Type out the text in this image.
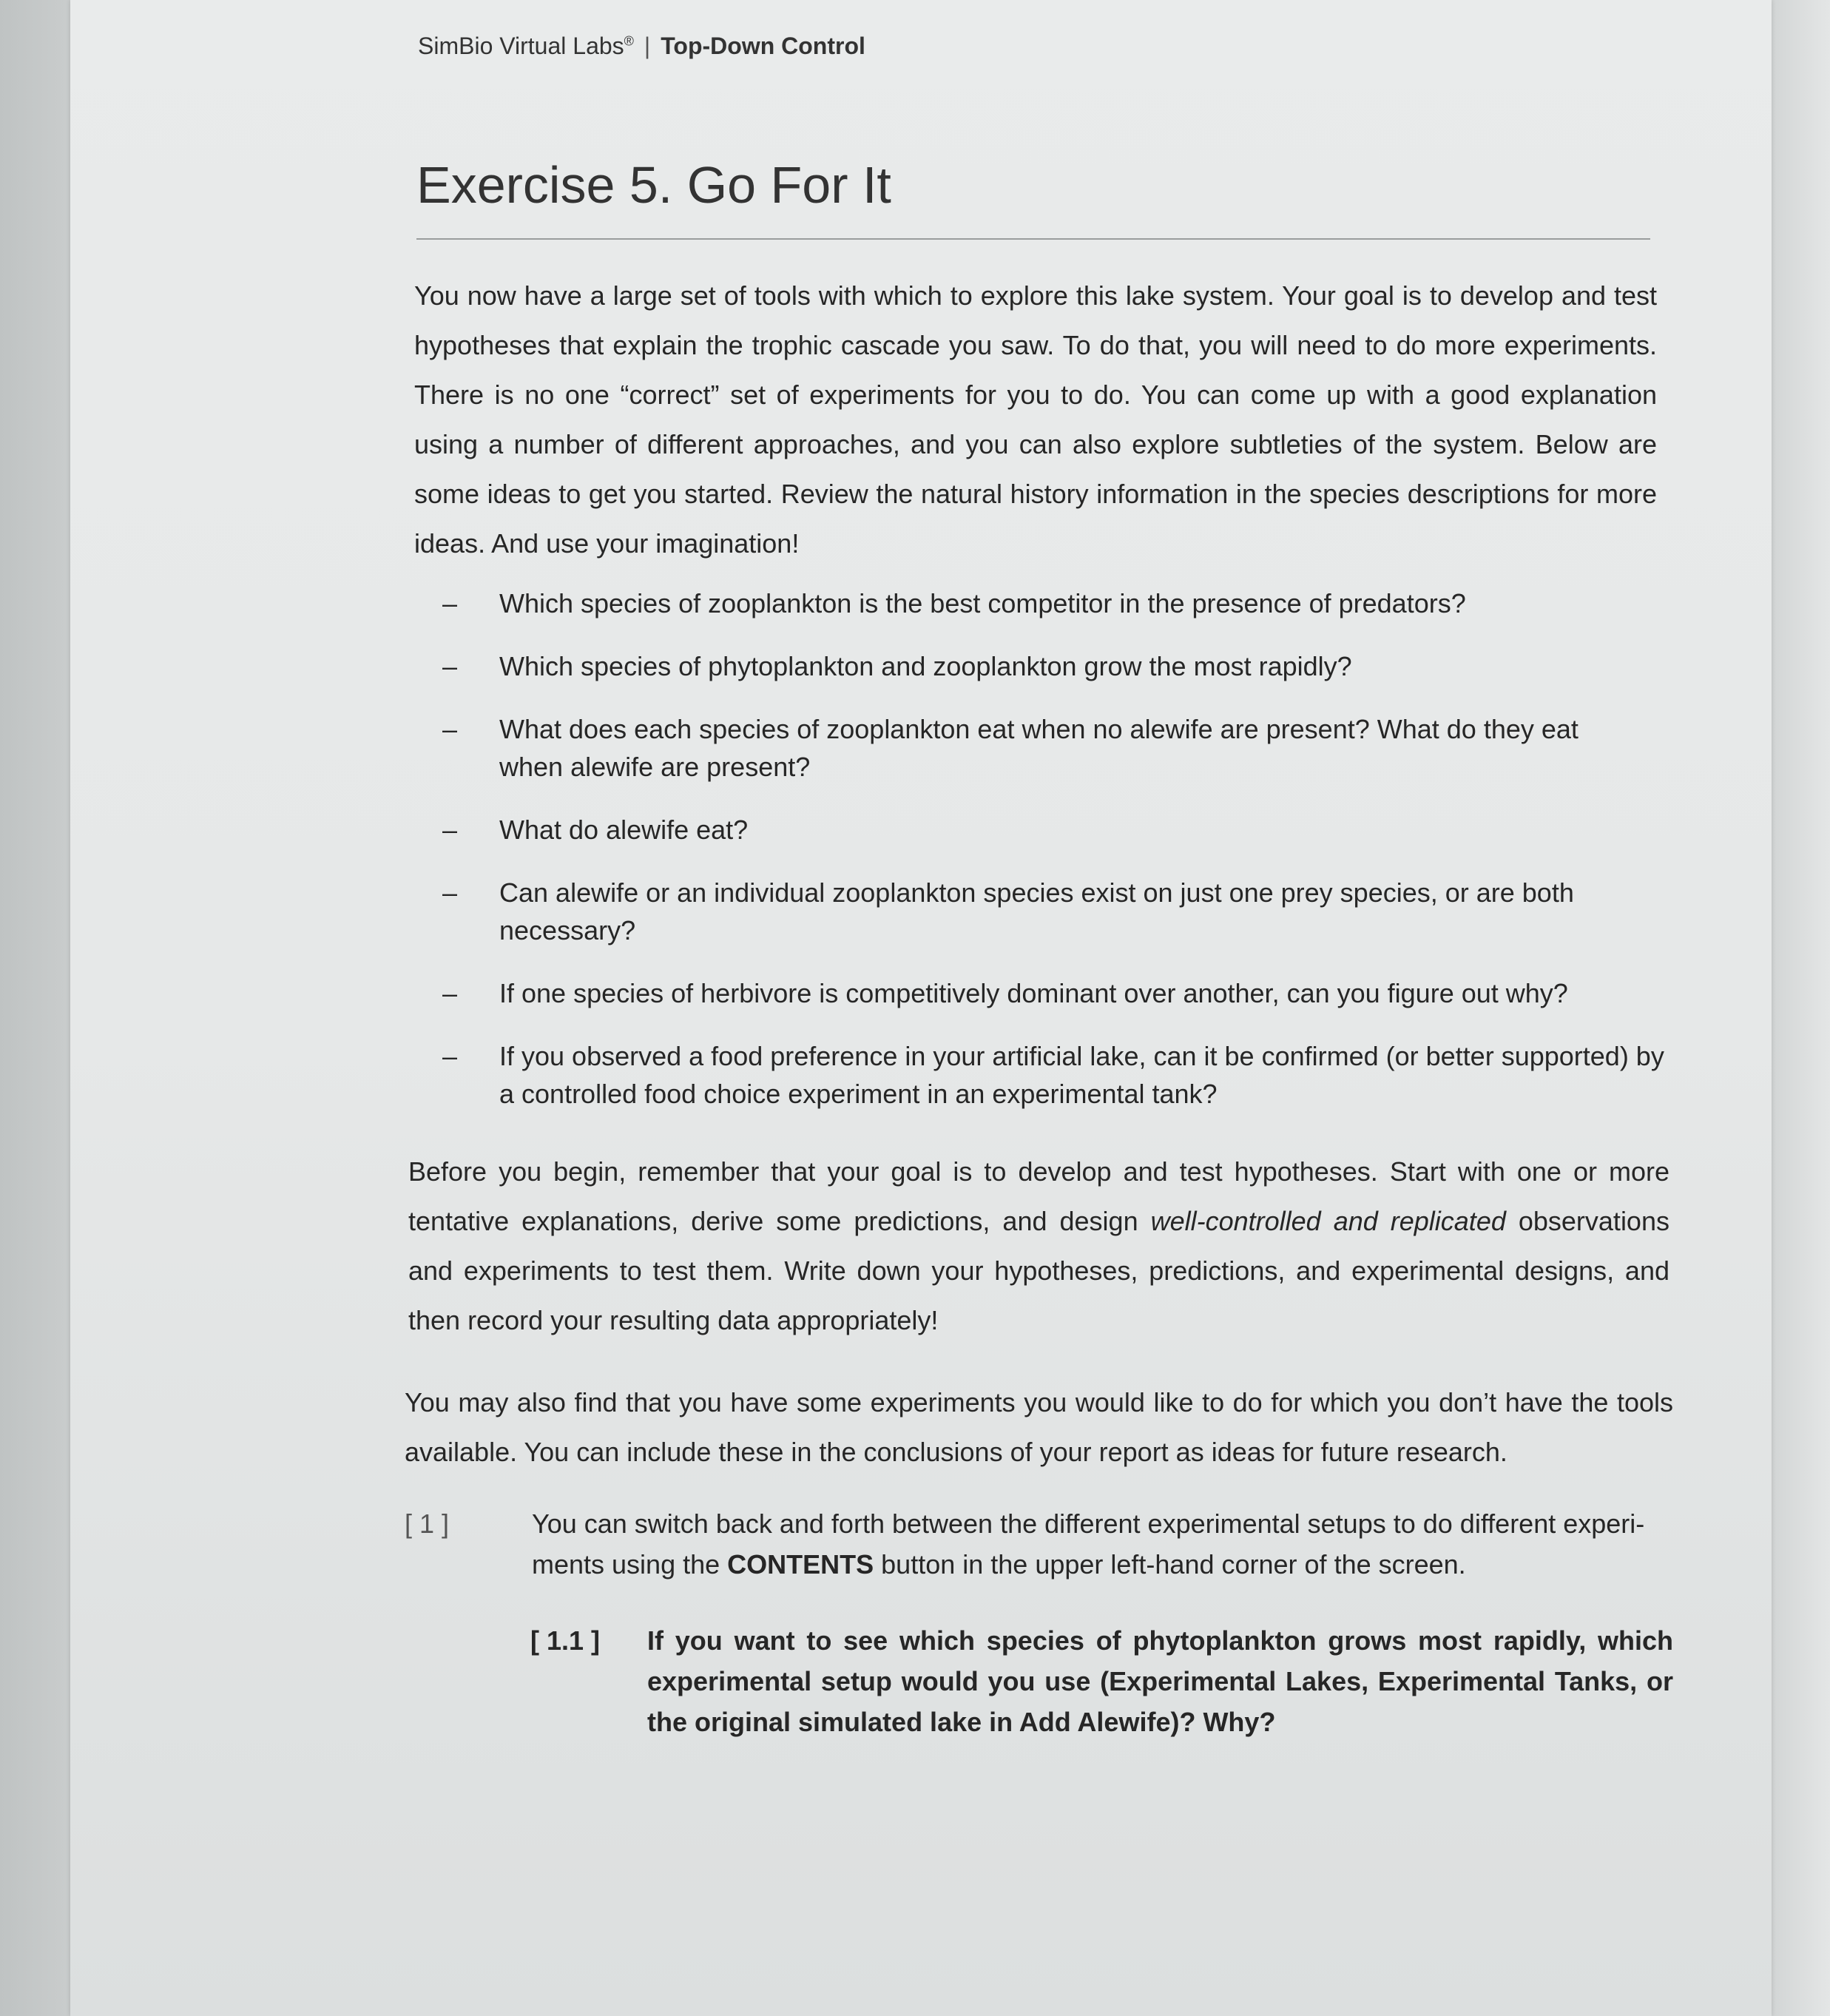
SimBio Virtual Labs® | Top-Down Control
Exercise 5. Go For It

You now have a large set of tools with which to explore this lake system. Your goal is to develop and test hypotheses that explain the trophic cascade you saw. To do that, you will need to do more experiments. There is no one “correct” set of experiments for you to do. You can come up with a good explanation using a number of different approaches, and you can also explore subtleties of the system. Below are some ideas to get you started. Review the natural history information in the species descriptions for more ideas. And use your imagination!

– Which species of zooplankton is the best competitor in the presence of predators?
– Which species of phytoplankton and zooplankton grow the most rapidly?
– What does each species of zooplankton eat when no alewife are present? What do they eat when alewife are present?
– What do alewife eat?
– Can alewife or an individual zooplankton species exist on just one prey species, or are both necessary?
– If one species of herbivore is competitively dominant over another, can you figure out why?
– If you observed a food preference in your artificial lake, can it be confirmed (or better supported) by a controlled food choice experiment in an experimental tank?

Before you begin, remember that your goal is to develop and test hypotheses. Start with one or more tentative explanations, derive some predictions, and design well-controlled and replicated observations and experiments to test them. Write down your hypotheses, predictions, and experimental designs, and then record your resulting data appropriately!

You may also find that you have some experiments you would like to do for which you don’t have the tools available. You can include these in the conclusions of your report as ideas for future research.

[ 1 ]	You can switch back and forth between the different experimental setups to do different experi-ments using the CONTENTS button in the upper left-hand corner of the screen.
[ 1.1 ] If you want to see which species of phytoplankton grows most rapidly, which experimental setup would you use (Experimental Lakes, Experimental Tanks, or the original simulated lake in Add Alewife)? Why?
